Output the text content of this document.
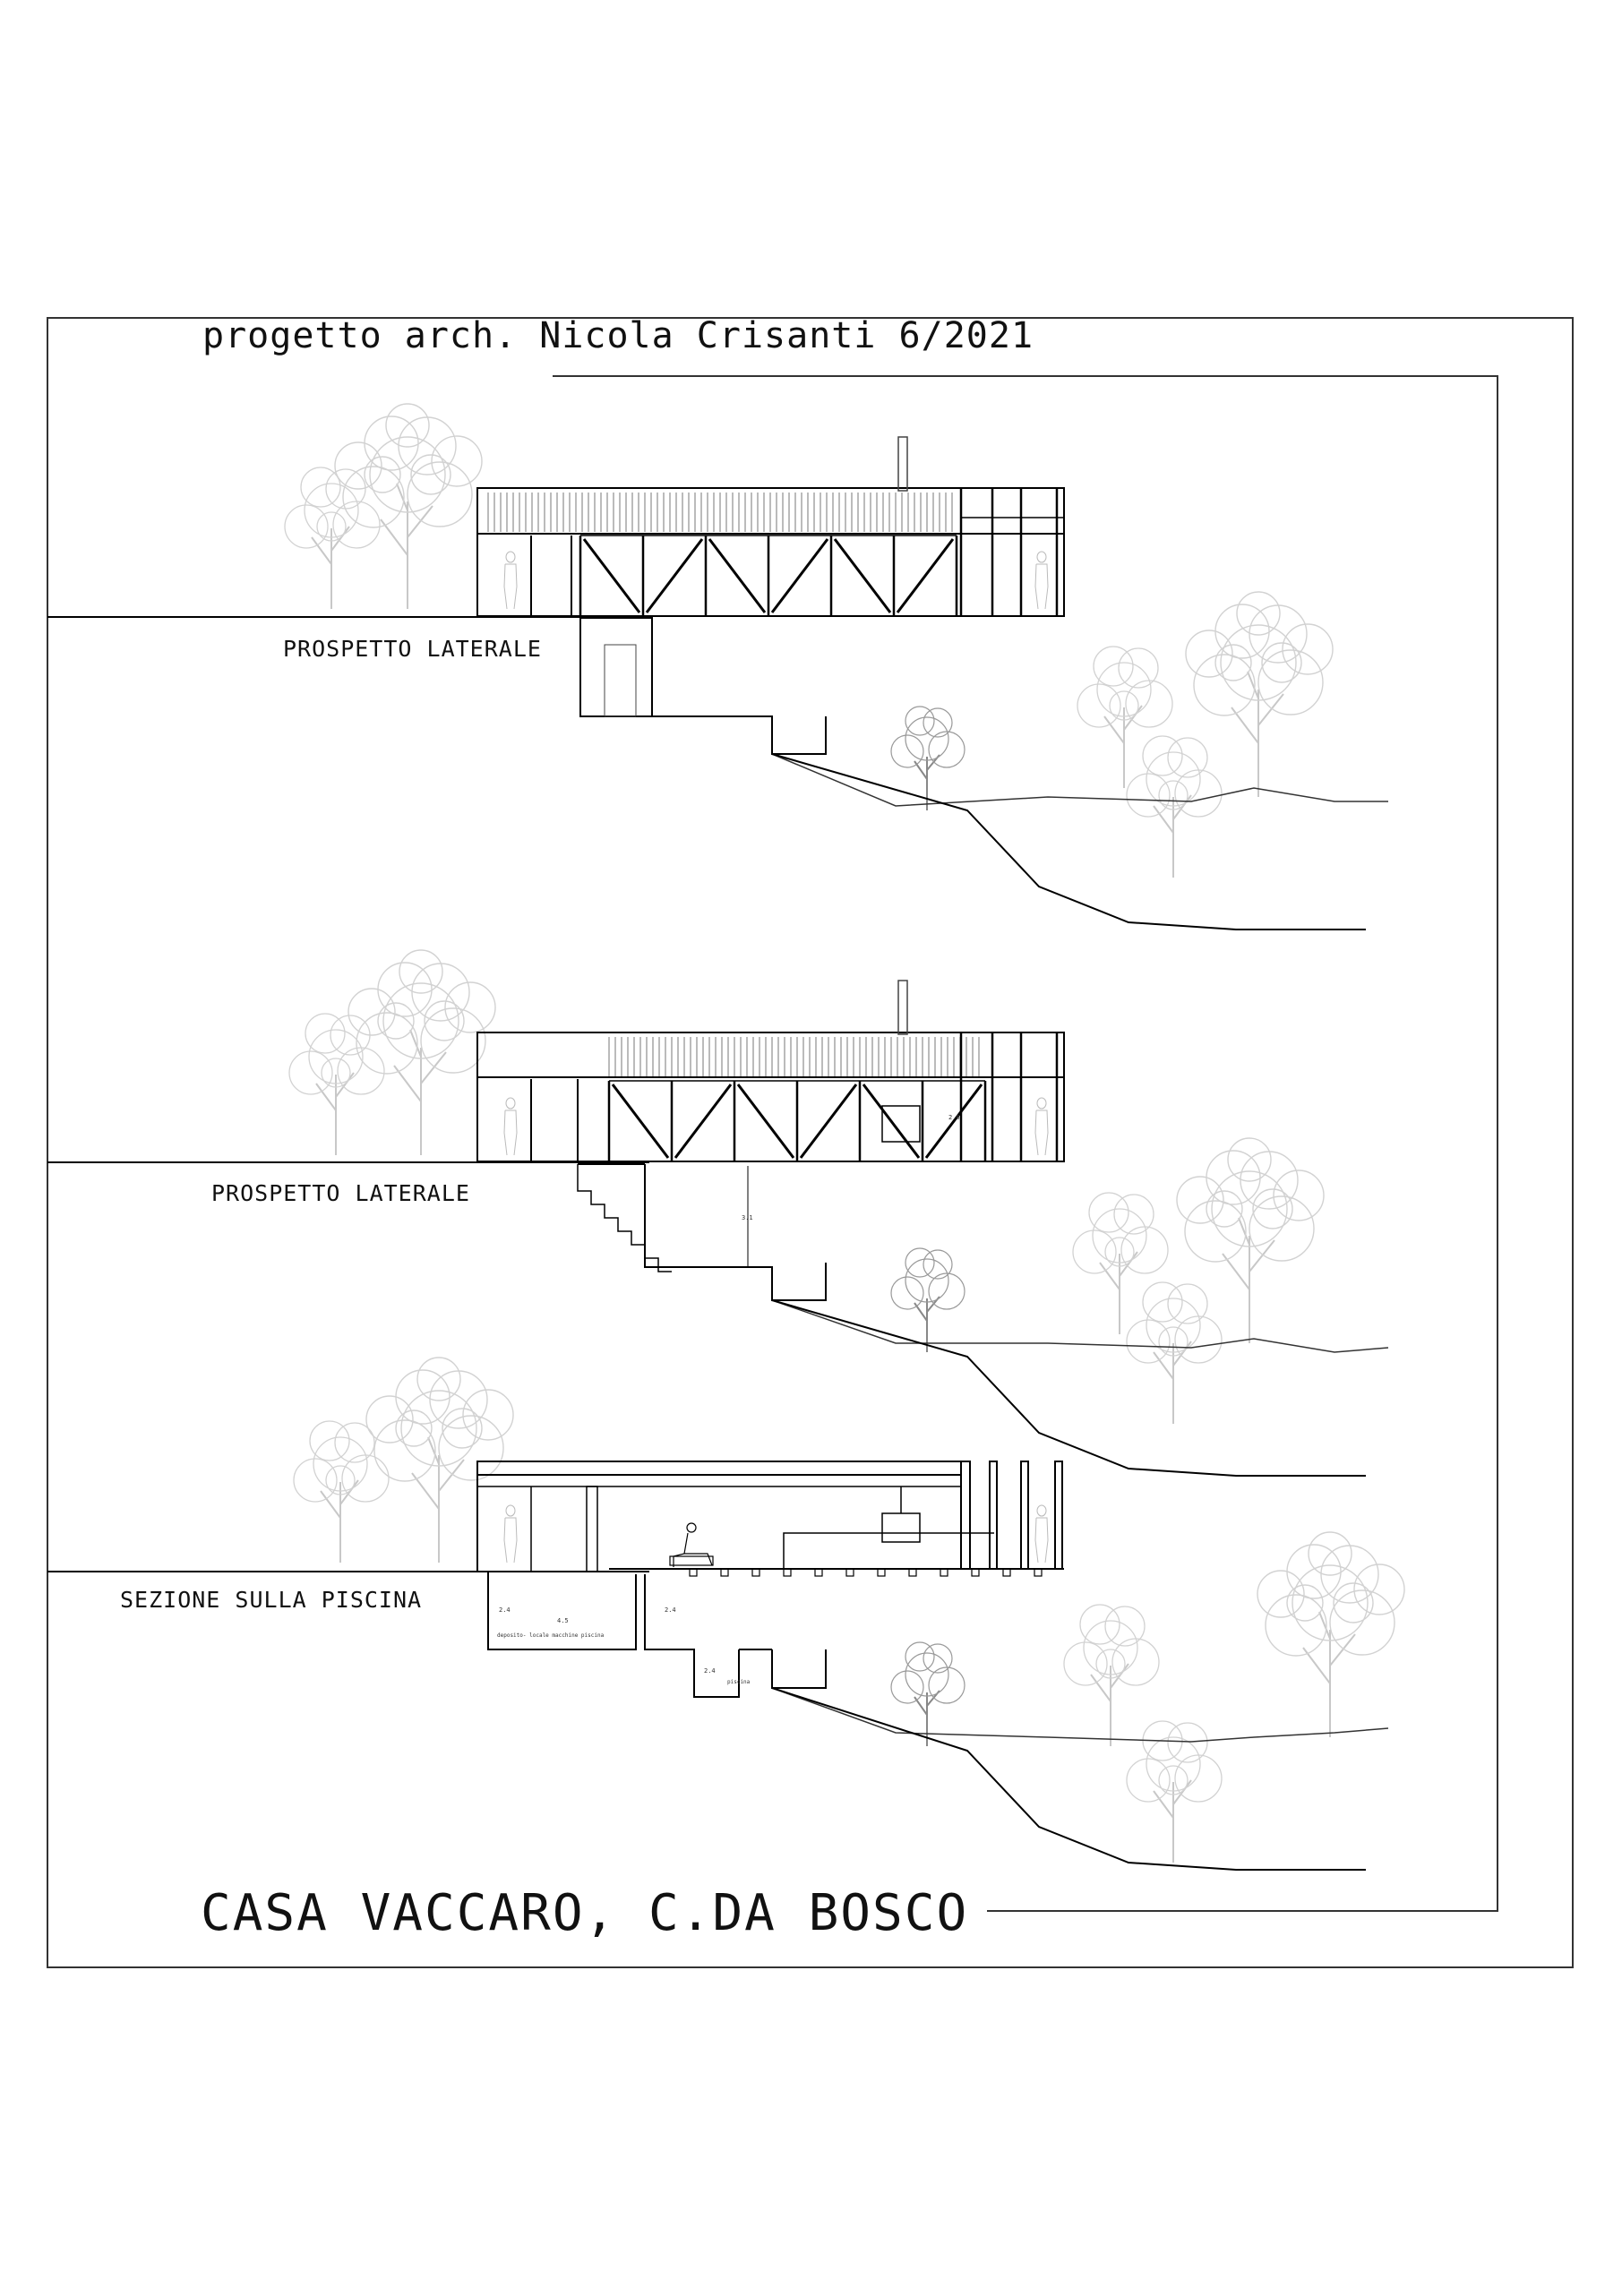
2.6
3.1
2.4
4.5
2.4
2.4
deposito- locale macchine piscina
piscina
progetto arch. Nicola Crisanti 6/2021
PROSPETTO LATERALE
PROSPETTO LATERALE
SEZIONE SULLA PISCINA
CASA VACCARO, C.DA BOSCO
